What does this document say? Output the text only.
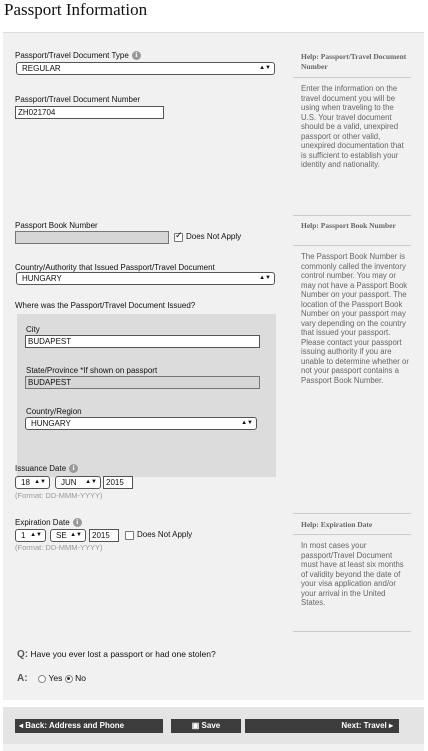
Passport Information
Passport/Travel Document Type i
REGULAR	▲▼
Passport/Travel Document Number
ZH021704
Passport Book Number
✓
Does Not Apply
Country/Authority that Issued Passport/Travel Document
HUNGARY	▲▼
Where was the Passport/Travel Document Issued?
City
BUDAPEST
State/Province *If shown on passport
BUDAPEST
Country/Region
HUNGARY	▲▼
Issuance Date i
18 ▲▼	JUN ▲▼	2015
(Format: DD-MMM-YYYY)
Expiration Date i
1 ▲▼	SE ▲▼	2015	Does Not Apply
(Format: DD-MMM-YYYY)
Help: Passport/Travel Document Number
Enter the information on the travel document you will be using when traveling to the U.S. Your travel document should be a valid, unexpired passport or other valid, unexpired documentation that is sufficient to establish your identity and nationality.
Help: Passport Book Number
The Passport Book Number is commonly called the inventory control number. You may or may not have a Passport Book Number on your passport. The location of the Passport Book Number on your passport may vary depending on the country that issued your passport. Please contact your passport issuing authority if you are unable to determine whether or not your passport contains a Passport Book Number.
Help: Expiration Date
In most cases your passport/Travel Document must have at least six months of validity beyond the date of your visa application and/or your arrival in the United States.
Q: Have you ever lost a passport or had one stolen?
A: Yes No
◂ Back: Address and Phone	▣ Save	Next: Travel ▸
